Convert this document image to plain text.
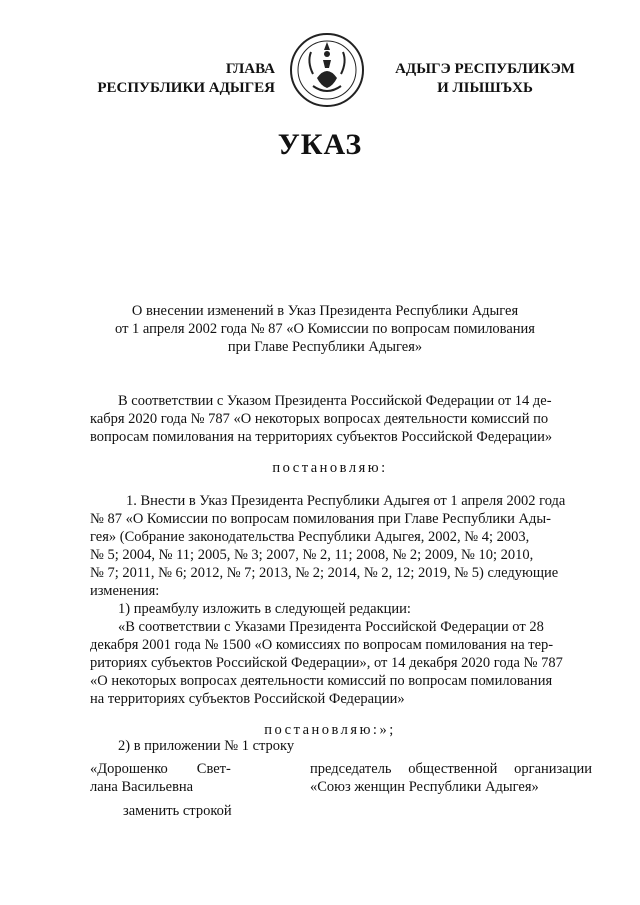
ГЛАВА
РЕСПУБЛИКИ АДЫГЕЯ
АДЫГЭ РЕСПУБЛИКЭМ
И ЛІЫШЪХЬ
УКАЗ
О внесении изменений в Указ Президента Республики Адыгея
от 1 апреля 2002 года № 87 «О Комиссии по вопросам помилования
при Главе Республики Адыгея»
В соответствии с Указом Президента Российской Федерации от 14 де-
кабря 2020 года № 787 «О некоторых вопросах деятельности комиссий по
вопросам помилования на территориях субъектов Российской Федерации»
постановляю:
1. Внести в Указ Президента Республики Адыгея от 1 апреля 2002 года
№ 87 «О Комиссии по вопросам помилования при Главе Республики Ады-
гея» (Собрание законодательства Республики Адыгея, 2002, № 4; 2003,
№ 5; 2004, № 11; 2005, № 3; 2007, № 2, 11; 2008, № 2; 2009, № 10; 2010,
№ 7; 2011, № 6; 2012, № 7; 2013, № 2; 2014, № 2, 12; 2019, № 5) следующие
изменения:
1) преамбулу изложить в следующей редакции:
«В соответствии с Указами Президента Российской Федерации от 28
декабря 2001 года № 1500 «О комиссиях по вопросам помилования на тер-
риториях субъектов Российской Федерации», от 14 декабря 2020 года № 787
«О некоторых вопросах деятельности комиссий по вопросам помилования
на территориях субъектов Российской Федерации»
постановляю:»;
2) в приложении № 1 строку
«Дорошенко        Свет-
лана Васильевна
председатель общественной организации
«Союз женщин Республики Адыгея»
заменить строкой
